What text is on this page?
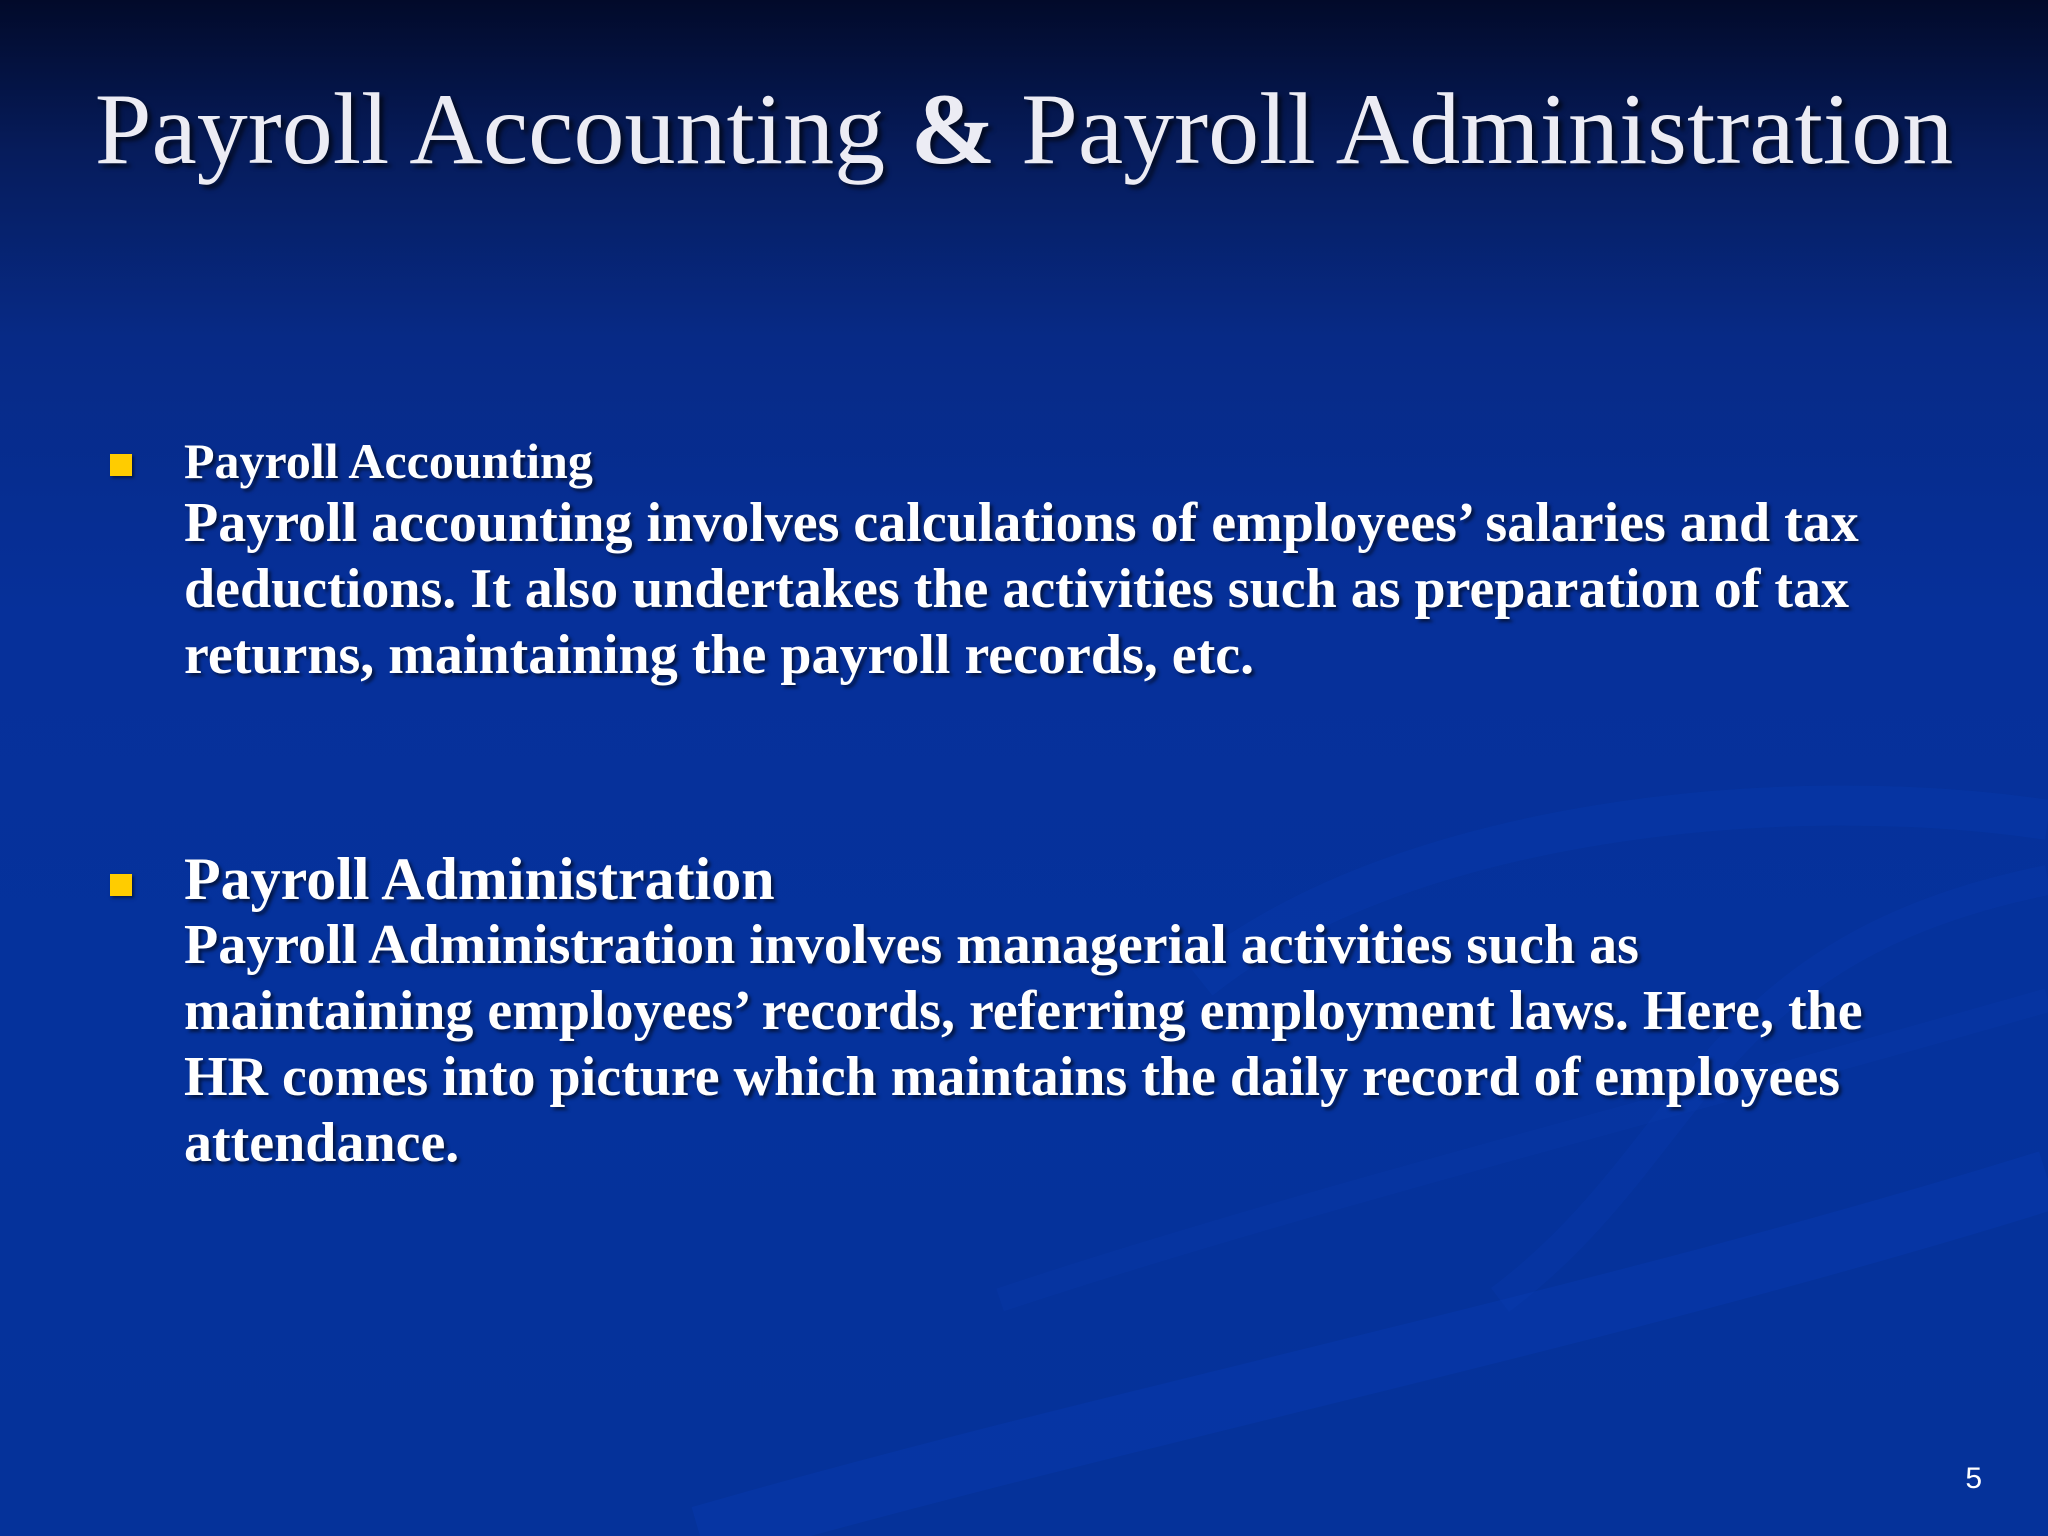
Payroll Accounting & Payroll Administration
Payroll Accounting
Payroll accounting involves calculations of employees’ salaries and tax deductions. It also undertakes the activities such as preparation of tax returns, maintaining the payroll records, etc.
Payroll Administration
Payroll Administration involves managerial activities such as maintaining employees’ records, referring employment laws. Here, the HR comes into picture which maintains the daily record of employees attendance.
5
